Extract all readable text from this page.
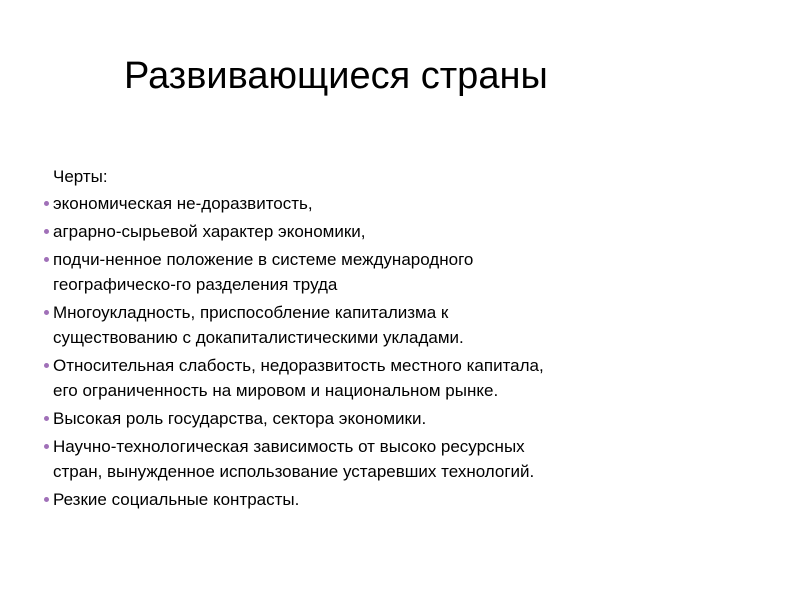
Развивающиеся страны
Черты:
экономическая не-доразвитость,
аграрно-сырьевой характер экономики,
подчи-ненное положение в системе международного
географическо-го разделения труда
Многоукладность, приспособление капитализма к
существованию с докапиталистическими укладами.
Относительная слабость, недоразвитость местного капитала,
его ограниченность на мировом и национальном рынке.
Высокая роль государства, сектора экономики.
Научно-технологическая зависимость от высоко ресурсных
стран, вынужденное использование устаревших технологий.
Резкие социальные контрасты.
